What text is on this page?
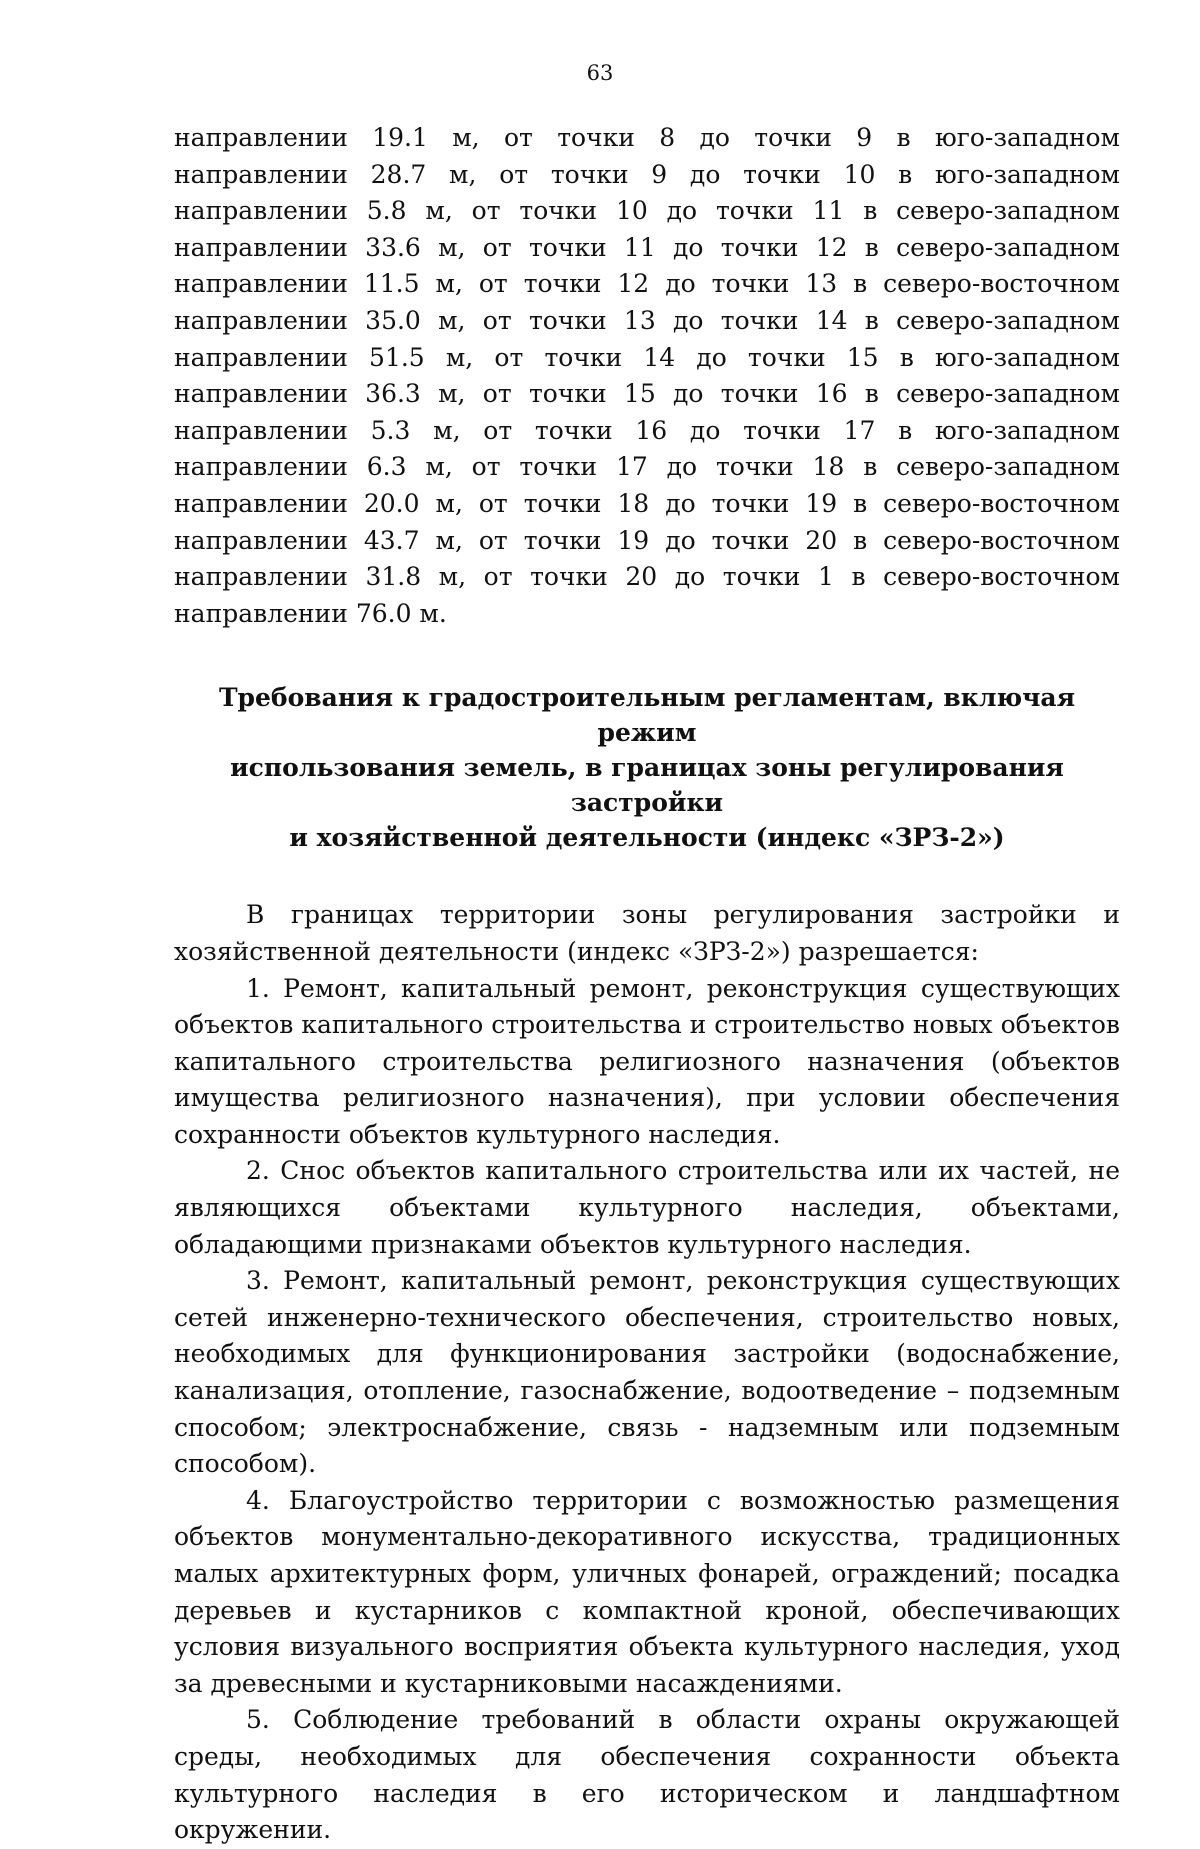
63

направлении 19.1 м, от точки 8 до точки 9 в юго-западном направлении 28.7 м, от точки 9 до точки 10 в юго-западном направлении 5.8 м, от точки 10 до точки 11 в северо-западном направлении 33.6 м, от точки 11 до точки 12 в северо-западном направлении 11.5 м, от точки 12 до точки 13 в северо-восточном направлении 35.0 м, от точки 13 до точки 14 в северо-западном направлении 51.5 м, от точки 14 до точки 15 в юго-западном направлении 36.3 м, от точки 15 до точки 16 в северо-западном направлении 5.3 м, от точки 16 до точки 17 в юго-западном направлении 6.3 м, от точки 17 до точки 18 в северо-западном направлении 20.0 м, от точки 18 до точки 19 в северо-восточном направлении 43.7 м, от точки 19 до точки 20 в северо-восточном направлении 31.8 м, от точки 20 до точки 1 в северо-восточном направлении 76.0 м.

Требования к градостроительным регламентам, включая режим
использования земель, в границах зоны регулирования застройки
и хозяйственной деятельности (индекс «ЗРЗ-2»)

В границах территории зоны регулирования застройки и хозяйственной деятельности (индекс «ЗРЗ-2») разрешается:

1. Ремонт, капитальный ремонт, реконструкция существующих объектов капитального строительства и строительство новых объектов капитального строительства религиозного назначения (объектов имущества религиозного назначения), при условии обеспечения сохранности объектов культурного наследия.

2. Снос объектов капитального строительства или их частей, не являющихся объектами культурного наследия, объектами, обладающими признаками объектов культурного наследия.

3. Ремонт, капитальный ремонт, реконструкция существующих сетей инженерно-технического обеспечения, строительство новых, необходимых для функционирования застройки (водоснабжение, канализация, отопление, газоснабжение, водоотведение – подземным способом; электроснабжение, связь - надземным или подземным способом).

4. Благоустройство территории с возможностью размещения объектов монументально-декоративного искусства, традиционных малых архитектурных форм, уличных фонарей, ограждений; посадка деревьев и кустарников с компактной кроной, обеспечивающих условия визуального восприятия объекта культурного наследия, уход за древесными и кустарниковыми насаждениями.

5. Соблюдение требований в области охраны окружающей среды, необходимых для обеспечения сохранности объекта культурного наследия в его историческом и ландшафтном окружении.
